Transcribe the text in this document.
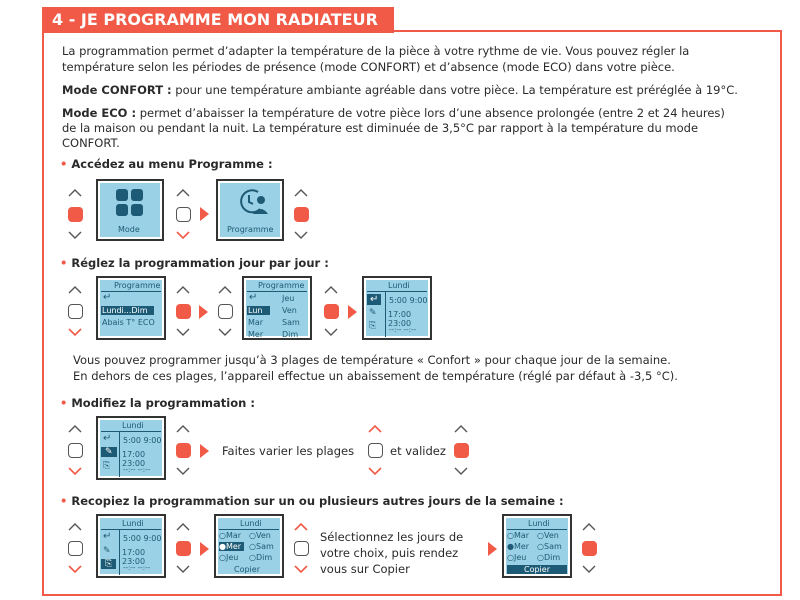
4 - JE PROGRAMME MON RADIATEUR
La programmation permet d’adapter la température de la pièce à votre rythme de vie. Vous pouvez régler la
température selon les périodes de présence (mode CONFORT) et d’absence (mode ECO) dans votre pièce.
Mode CONFORT : pour une température ambiante agréable dans votre pièce. La température est préréglée à 19°C.
Mode ECO : permet d’abaisser la température de votre pièce lors d’une absence prolongée (entre 2 et 24 heures)
de la maison ou pendant la nuit. La température est diminuée de 3,5°C par rapport à la température du mode
CONFORT.
• Accédez au menu Programme :
Mode	Programme
• Réglez la programmation jour par jour :
Programme
↵
Lundi...Dim
Abais T° ECO
Programme
↵	Jeu
Lun	Ven
Mar Sam
Mer Dim
Lundi
↵
✎
⎘
5:00 9:00
17:00 23:00
--:-- --:--
Vous pouvez programmer jusqu’à 3 plages de température « Confort » pour chaque jour de la semaine.
En dehors de ces plages, l’appareil effectue un abaissement de température (réglé par défaut à -3,5 °C).
• Modifiez la programmation :
Lundi
↵
✎
⎘
5:00 9:00
17:00 23:00
--:-- --:--
Faites varier les plages	et validez
• Recopiez la programmation sur un ou plusieurs autres jours de la semaine :
Lundi
↵
✎
⎘
5:00 9:00
17:00 23:00
--:-- --:--
Lundi
○Mar ○Ven
●Mer ○Sam
○Jeu ○Dim
Copier
Sélectionnez les jours de
votre choix, puis rendez
vous sur Copier
Lundi
○Mar ○Ven
●Mer ○Sam
○Jeu ○Dim
Copier
